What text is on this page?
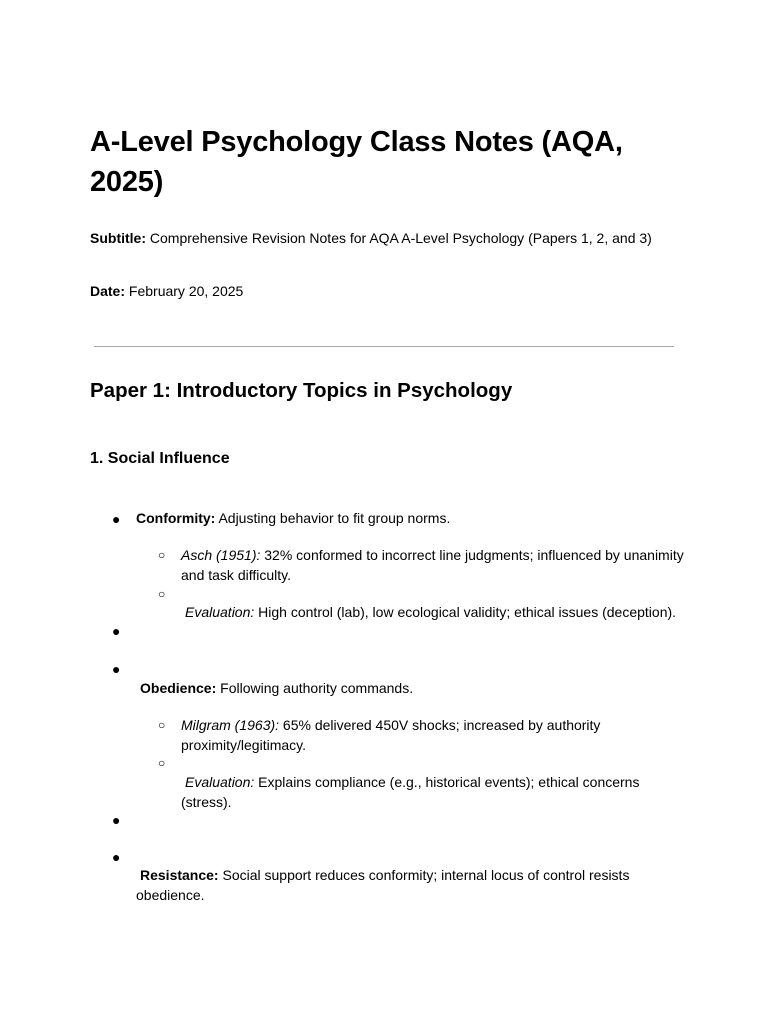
A-Level Psychology Class Notes (AQA, 2025)
Subtitle: Comprehensive Revision Notes for AQA A-Level Psychology (Papers 1, 2, and 3)
Date: February 20, 2025
Paper 1: Introductory Topics in Psychology
1. Social Influence
● Conformity: Adjusting behavior to fit group norms.
○ Asch (1951): 32% conformed to incorrect line judgments; influenced by unanimity and task difficulty.
○
Evaluation: High control (lab), low ecological validity; ethical issues (deception).
●
●
Obedience: Following authority commands.
○ Milgram (1963): 65% delivered 450V shocks; increased by authority proximity/legitimacy.
○
Evaluation: Explains compliance (e.g., historical events); ethical concerns (stress).
●
●
Resistance: Social support reduces conformity; internal locus of control resists obedience.
